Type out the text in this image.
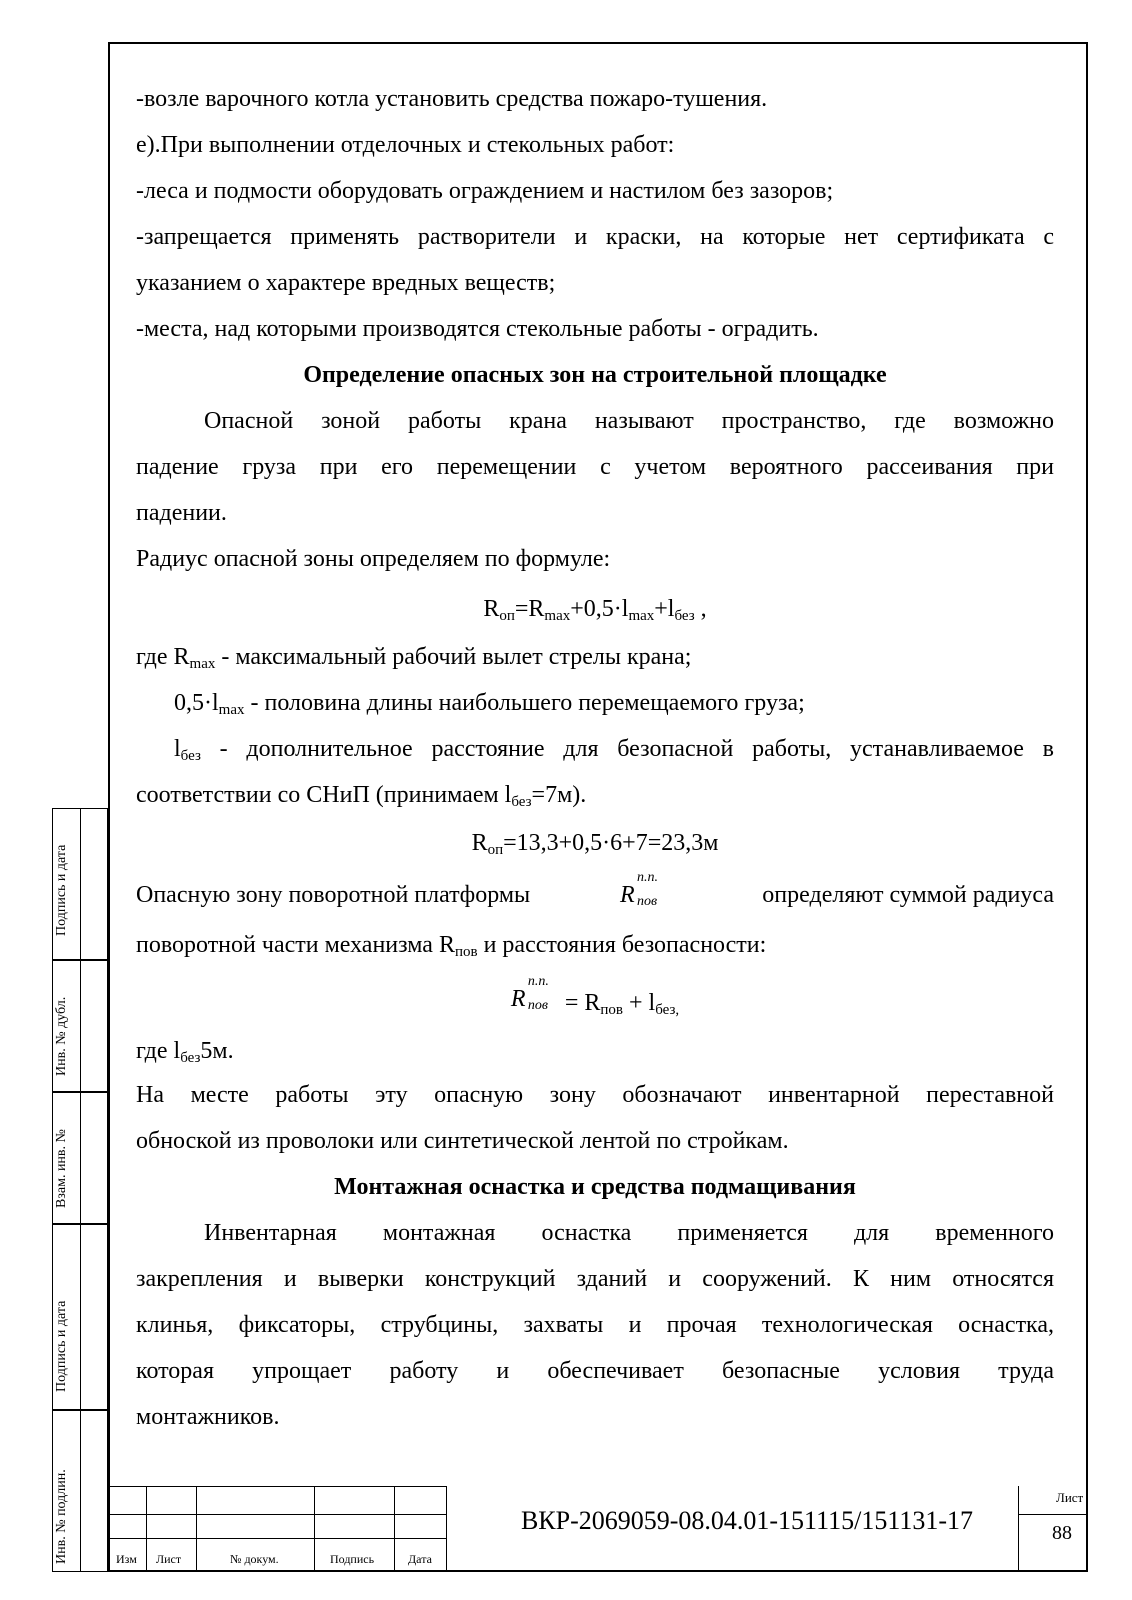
-возле варочного котла установить средства пожаро-тушения.
е).При выполнении отделочных и стекольных работ:
-леса и подмости оборудовать ограждением и настилом без зазоров;
-запрещается применять растворители и краски, на которые нет сертификата с
указанием о характере вредных веществ;
-места, над которыми производятся стекольные работы - оградить.
Определение опасных зон на строительной площадке
Опасной зоной работы крана называют пространство, где возможно
падение груза при его перемещении с учетом вероятного рассеивания при
падении.
Радиус опасной зоны определяем по формуле:
$R_{оп}=R_{max}+0,5\cdot l_{max}+l_{без}$ ,
где $R_{max}$ - максимальный рабочий вылет стрелы крана;
$0,5\cdot l_{max}$ - половина длины наибольшего перемещаемого груза;
$l_{без}$ - дополнительное расстояние для безопасной работы, устанавливаемое в
соответствии со СНиП (принимаем $l_{без}=7м$).
$R_{оп}=13,3+0,5\cdot 6+7=23,3м$
Опасную зону поворотной платформы	R
п.п.
пов	определяют суммой радиуса
поворотной части механизма $R_{пов}$ и расстояния безопасности:
R
п.п.
пов = $R_{пов} + l_{без,}$
где $l_{без}5м$.
На месте работы эту опасную зону обозначают инвентарной переставной
обноской из проволоки или синтетической лентой по стройкам.
Монтажная оснастка и средства подмащивания
Инвентарная монтажная оснастка применяется для временного
закрепления и выверки конструкций зданий и сооружений. К ним относятся
клинья, фиксаторы, струбцины, захваты и прочая технологическая оснастка,
которая упрощает работу и обеспечивает безопасные условия труда
монтажников.
Подпись и дата
Инв. № дубл.
Взам. инв. №
Подпись и дата
Инв. № подлин.	Изм Лист	№ докум.	Подпись	Дата
ВКР-2069059-08.04.01-151115/151131-17
Лист
88
